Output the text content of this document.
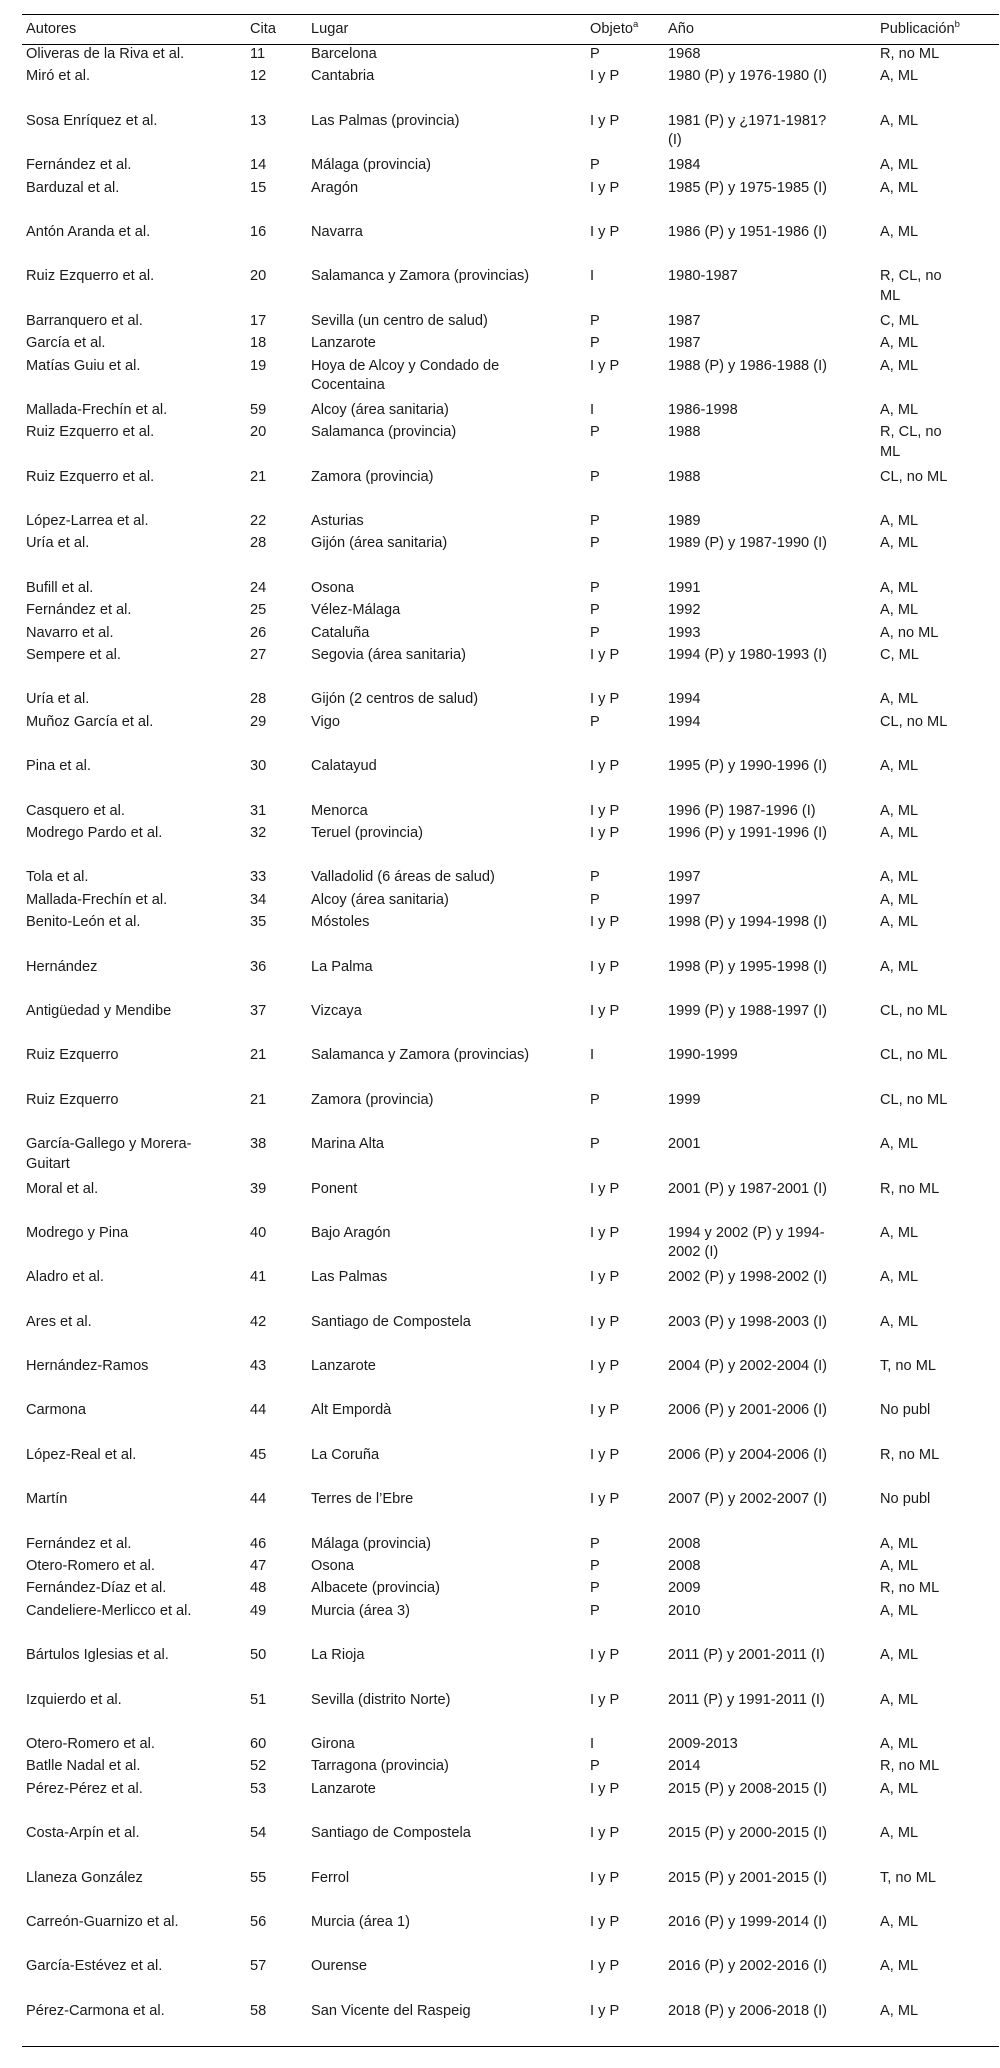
Autores	Cita	Lugar	Objeto$^a$	Año	Publicación$^b$

Oliveras de la Riva et al.	11	Barcelona	P	1968	R, no ML

Miró et al.	12	Cantabria	I y P	1980 (P) y 1976-1980 (I)	A, ML

Sosa Enríquez et al.	13	Las Palmas (provincia)	I y P	1981 (P) y ¿1971-1981? (I)	A, ML

Fernández et al.	14	Málaga (provincia)	P	1984	A, ML

Barduzal et al.	15	Aragón	I y P	1985 (P) y 1975-1985 (I)	A, ML

Antón Aranda et al.	16	Navarra	I y P	1986 (P) y 1951-1986 (I)	A, ML

Ruiz Ezquerro et al.	20	Salamanca y Zamora (provincias)	I	1980-1987	R, CL, no ML

Barranquero et al.	17	Sevilla (un centro de salud)	P	1987	C, ML

García et al.	18	Lanzarote	P	1987	A, ML

Matías Guiu et al.	19	Hoya de Alcoy y Condado de Cocentaina	I y P	1988 (P) y 1986-1988 (I)	A, ML

Mallada-Frechín et al.	59	Alcoy (área sanitaria)	I	1986-1998	A, ML

Ruiz Ezquerro et al.	20	Salamanca (provincia)	P	1988	R, CL, no ML

Ruiz Ezquerro et al.	21	Zamora (provincia)	P	1988	CL, no ML

López-Larrea et al.	22	Asturias	P	1989	A, ML

Uría et al.	28	Gijón (área sanitaria)	P	1989 (P) y 1987-1990 (I)	A, ML

Bufill et al.	24	Osona	P	1991	A, ML

Fernández et al.	25	Vélez-Málaga	P	1992	A, ML

Navarro et al.	26	Cataluña	P	1993	A, no ML

Sempere et al.	27	Segovia (área sanitaria)	I y P	1994 (P) y 1980-1993 (I)	C, ML

Uría et al.	28	Gijón (2 centros de salud)	I y P	1994	A, ML

Muñoz García et al.	29	Vigo	P	1994	CL, no ML

Pina et al.	30	Calatayud	I y P	1995 (P) y 1990-1996 (I)	A, ML

Casquero et al.	31	Menorca	I y P	1996 (P) 1987-1996 (I)	A, ML

Modrego Pardo et al.	32	Teruel (provincia)	I y P	1996 (P) y 1991-1996 (I)	A, ML

Tola et al.	33	Valladolid (6 áreas de salud)	P	1997	A, ML

Mallada-Frechín et al.	34	Alcoy (área sanitaria)	P	1997	A, ML

Benito-León et al.	35	Móstoles	I y P	1998 (P) y 1994-1998 (I)	A, ML

Hernández	36	La Palma	I y P	1998 (P) y 1995-1998 (I)	A, ML

Antigüedad y Mendibe	37	Vizcaya	I y P	1999 (P) y 1988-1997 (I)	CL, no ML

Ruiz Ezquerro	21	Salamanca y Zamora (provincias)	I	1990-1999	CL, no ML

Ruiz Ezquerro	21	Zamora (provincia)	P	1999	CL, no ML

García-Gallego y Morera-Guitart	38	Marina Alta	P	2001	A, ML

Moral et al.	39	Ponent	I y P	2001 (P) y 1987-2001 (I)	R, no ML

Modrego y Pina	40	Bajo Aragón	I y P	1994 y 2002 (P) y 1994-2002 (I)	A, ML

Aladro et al.	41	Las Palmas	I y P	2002 (P) y 1998-2002 (I)	A, ML

Ares et al.	42	Santiago de Compostela	I y P	2003 (P) y 1998-2003 (I)	A, ML

Hernández-Ramos	43	Lanzarote	I y P	2004 (P) y 2002-2004 (I)	T, no ML

Carmona	44	Alt Empordà	I y P	2006 (P) y 2001-2006 (I)	No publ

López-Real et al.	45	La Coruña	I y P	2006 (P) y 2004-2006 (I)	R, no ML

Martín	44	Terres de l’Ebre	I y P	2007 (P) y 2002-2007 (I)	No publ

Fernández et al.	46	Málaga (provincia)	P	2008	A, ML

Otero-Romero et al.	47	Osona	P	2008	A, ML

Fernández-Díaz et al.	48	Albacete (provincia)	P	2009	R, no ML

Candeliere-Merlicco et al.	49	Murcia (área 3)	P	2010	A, ML

Bártulos Iglesias et al.	50	La Rioja	I y P	2011 (P) y 2001-2011 (I)	A, ML

Izquierdo et al.	51	Sevilla (distrito Norte)	I y P	2011 (P) y 1991-2011 (I)	A, ML

Otero-Romero et al.	60	Girona	I	2009-2013	A, ML

Batlle Nadal et al.	52	Tarragona (provincia)	P	2014	R, no ML

Pérez-Pérez et al.	53	Lanzarote	I y P	2015 (P) y 2008-2015 (I)	A, ML

Costa-Arpín et al.	54	Santiago de Compostela	I y P	2015 (P) y 2000-2015 (I)	A, ML

Llaneza González	55	Ferrol	I y P	2015 (P) y 2001-2015 (I)	T, no ML

Carreón-Guarnizo et al.	56	Murcia (área 1)	I y P	2016 (P) y 1999-2014 (I)	A, ML

García-Estévez et al.	57	Ourense	I y P	2016 (P) y 2002-2016 (I)	A, ML

Pérez-Carmona et al.	58	San Vicente del Raspeig	I y P	2018 (P) y 2006-2018 (I)	A, ML
